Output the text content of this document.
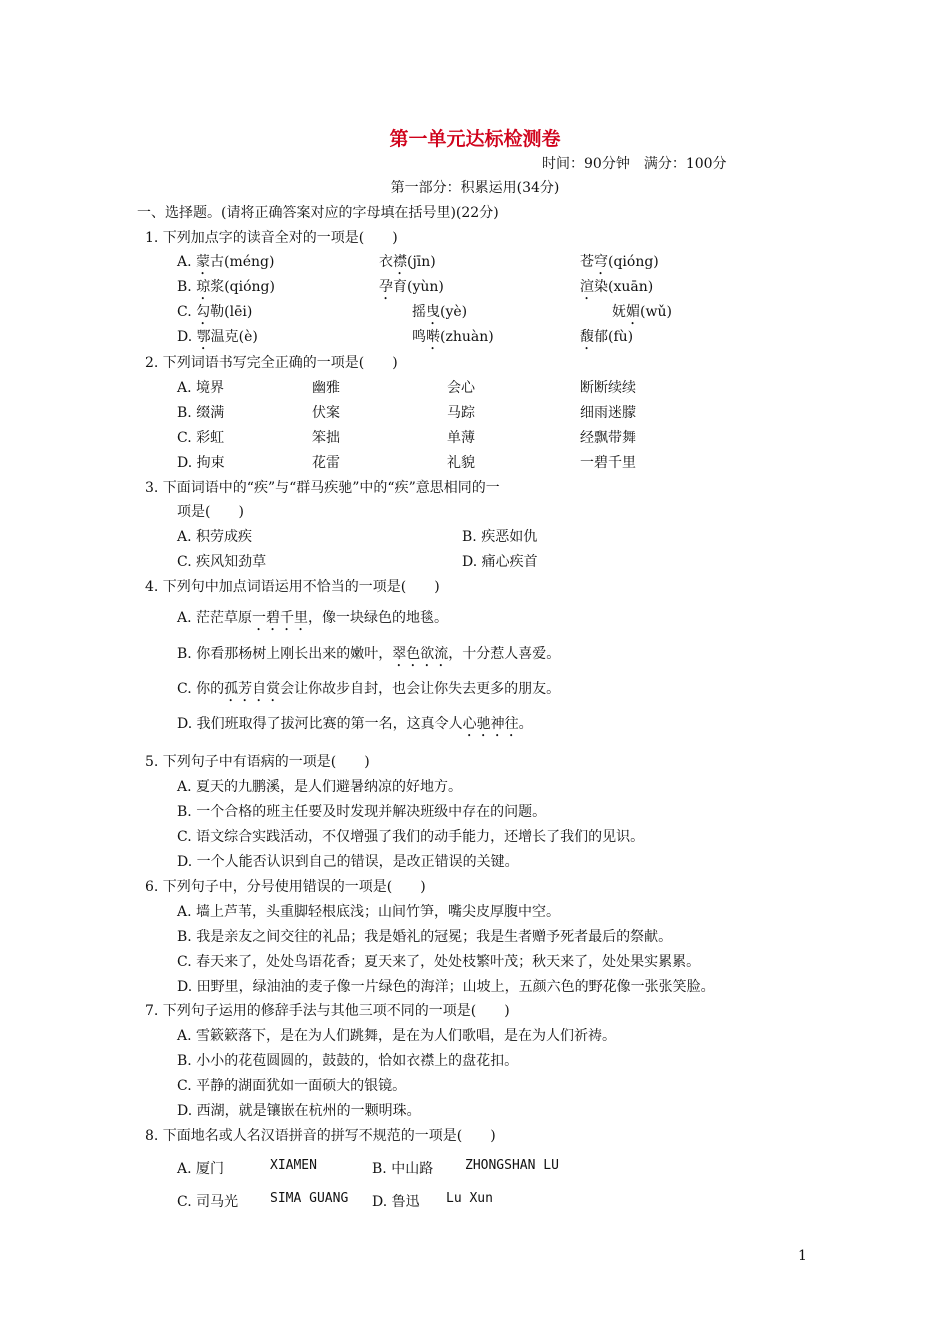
第一单元达标检测卷
时间：90分钟　满分：100分
第一部分：积累运用(34分)
一、选择题。(请将正确答案对应的字母填在括号里)(22分)
1. 下列加点字的读音全对的一项是(　　)
A. 蒙古(méng)	衣襟(jīn)	苍穹(qióng)
B. 琼浆(qióng)	孕育(yùn)	渲染(xuān)
C. 勾勒(lēi)	摇曳(yè)	妩媚(wǔ)
D. 鄂温克(è)	鸣啭(zhuàn)	馥郁(fù)
2. 下列词语书写完全正确的一项是(　　)
A. 境界	幽雅	会心	断断续续
B. 缀满	伏案	马踪	细雨迷朦
C. 彩虹	笨拙	单薄	经飘带舞
D. 拘束	花雷	礼貌	一碧千里
3. 下面词语中的“疾”与“群马疾驰”中的“疾”意思相同的一
项是(　　)
A. 积劳成疾	B. 疾恶如仇
C. 疾风知劲草	D. 痛心疾首
4. 下列句中加点词语运用不恰当的一项是(　　)
A. 茫茫草原一碧千里，像一块绿色的地毯。
B. 你看那杨树上刚长出来的嫩叶，翠色欲流，十分惹人喜爱。
C. 你的孤芳自赏会让你故步自封，也会让你失去更多的朋友。
D. 我们班取得了拔河比赛的第一名，这真令人心驰神往。
5. 下列句子中有语病的一项是(　　)
A. 夏天的九鹏溪，是人们避暑纳凉的好地方。
B. 一个合格的班主任要及时发现并解决班级中存在的问题。
C. 语文综合实践活动，不仅增强了我们的动手能力，还增长了我们的见识。
D. 一个人能否认识到自己的错误，是改正错误的关键。
6. 下列句子中，分号使用错误的一项是(　　)
A. 墙上芦苇，头重脚轻根底浅；山间竹笋，嘴尖皮厚腹中空。
B. 我是亲友之间交往的礼品；我是婚礼的冠冕；我是生者赠予死者最后的祭献。
C. 春天来了，处处鸟语花香；夏天来了，处处枝繁叶茂；秋天来了，处处果实累累。
D. 田野里，绿油油的麦子像一片绿色的海洋；山坡上，五颜六色的野花像一张张笑脸。
7. 下列句子运用的修辞手法与其他三项不同的一项是(　　)
A. 雪簌簌落下，是在为人们跳舞，是在为人们歌唱，是在为人们祈祷。
B. 小小的花苞圆圆的，鼓鼓的，恰如衣襟上的盘花扣。
C. 平静的湖面犹如一面硕大的银镜。
D. 西湖，就是镶嵌在杭州的一颗明珠。
8. 下面地名或人名汉语拼音的拼写不规范的一项是(　　)
A. 厦门	XIAMEN	B. 中山路 ZHONGSHAN LU
C. 司马光 SIMA GUANG D. 鲁迅 Lu Xun
1
